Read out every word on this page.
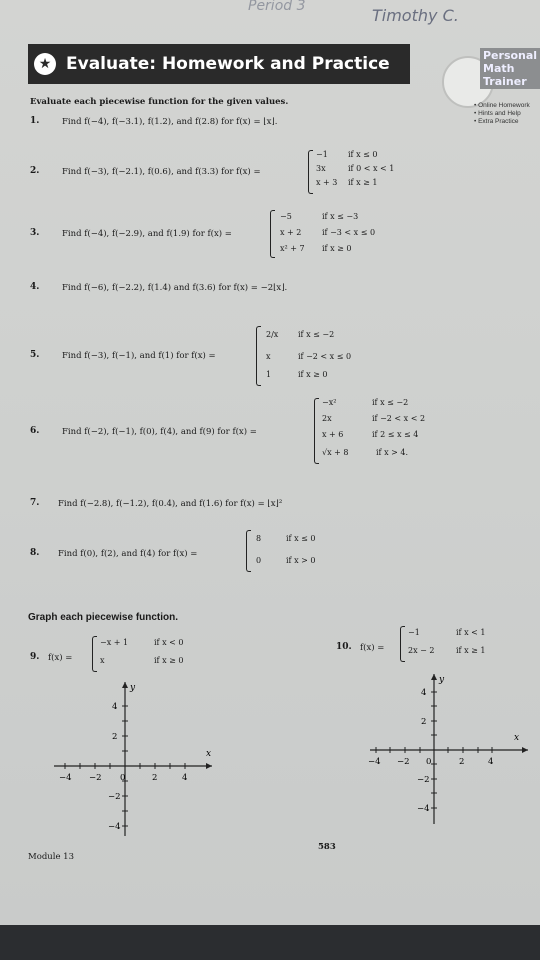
Period 3	Timothy C.
★ Evaluate: Homework and Practice	Personal
Math
Trainer
• Online Homework
• Hints and Help
• Extra Practice
Evaluate each piecewise function for the given values.
1.	Find f(−4), f(−3.1), f(1.2), and f(2.8) for f(x) = ⌊x⌋.
2.	Find f(−3), f(−2.1), f(0.6), and f(3.3) for f(x) =
−1	if x ≤ 0
3x	if 0 < x < 1
x + 3 if x ≥ 1
3.	Find f(−4), f(−2.9), and f(1.9) for f(x) =
−5	if x ≤ −3
x + 2	if −3 < x ≤ 0
x² + 7 if x ≥ 0
4.	Find f(−6), f(−2.2), f(1.4) and f(3.6) for f(x) = −2⌊x⌋.
5.	Find f(−3), f(−1), and f(1) for f(x) =
2/x if x ≤ −2
x	if −2 < x ≤ 0
1	if x ≥ 0
6.	Find f(−2), f(−1), f(0), f(4), and f(9) for f(x) =
−x²	if x ≤ −2
2x	if −2 < x < 2
x + 6	if 2 ≤ x ≤ 4
√x + 8	if x > 4.
7. Find f(−2.8), f(−1.2), f(0.4), and f(1.6) for f(x) = ⌊x⌋²
8. Find f(0), f(2), and f(4) for f(x) =
8	if x ≤ 0
0	if x > 0
Graph each piecewise function.
9. f(x) =
−x + 1	if x < 0
x	if x ≥ 0
10. f(x) =
−1	if x < 1
2x − 2	if x ≥ 1
x
y
−4 −2 0	2	4
4
2
−2
−4
x
y
−4 −2 0	2	4
4
2
−2
−4
583
Module 13
